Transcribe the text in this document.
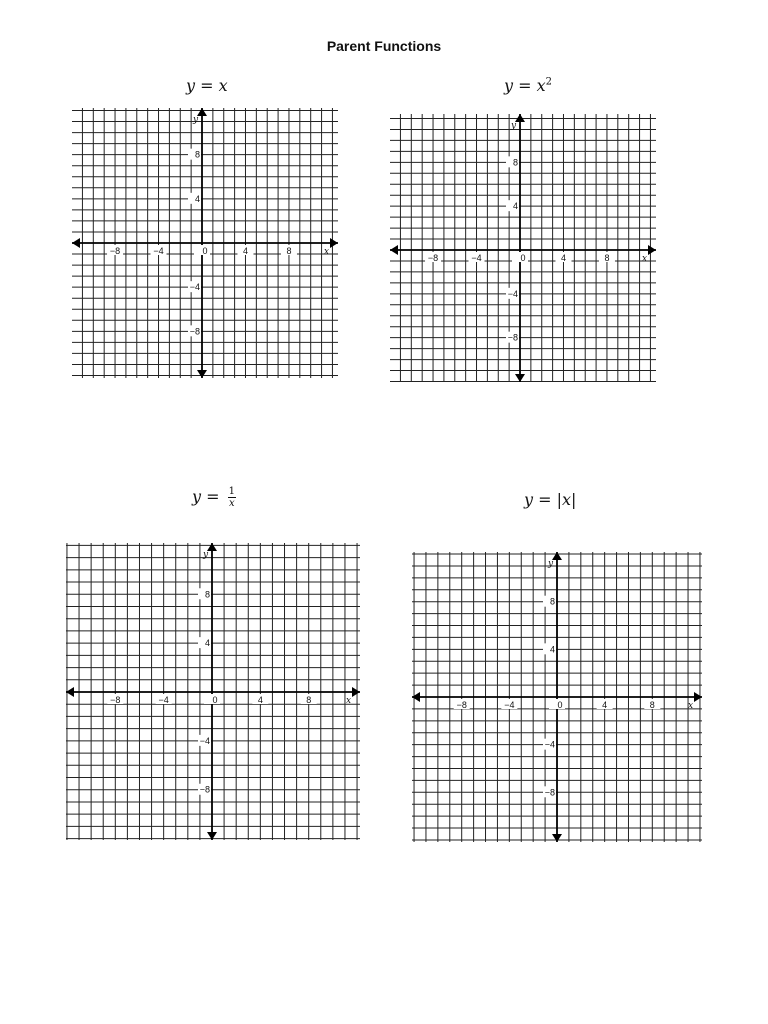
Parent Functions
y = x	$y = x^2$
$y = \frac{1}{x}$	y = |x|
−8	−4	0	4	8
8
4
−4
−8
x
y
−8	−4	0	4	8
8
4
−4
−8
x
y
−8	−4	0	4	8
8
4
−4
−8
x
y
−8	−4	0	4	8
8
4
−4
−8
x
y
